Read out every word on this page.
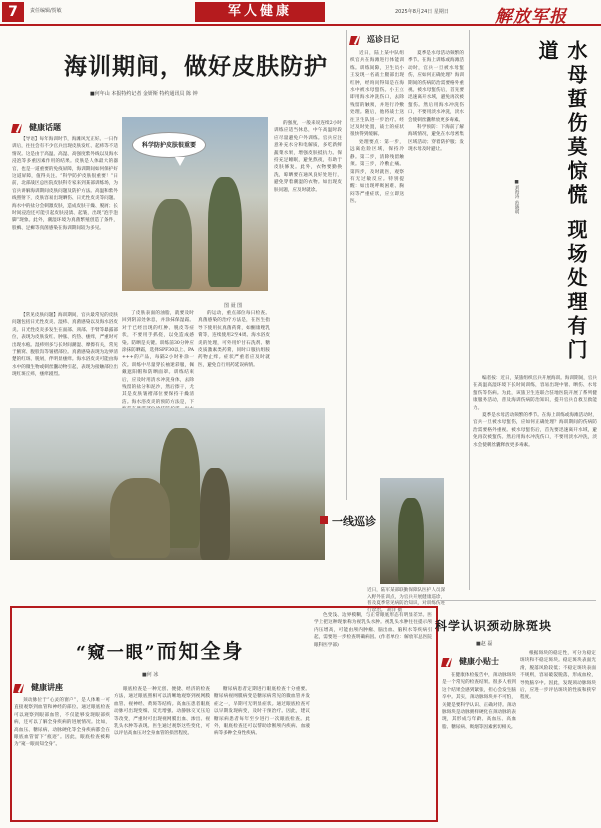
7	责任编辑/贺敏	军人健康	2025年8月24日 星期日	解放军报
海训期间，做好皮肤防护
■何年山 本报特约记者 金妍斯 特约通讯员 陈 钟
健康话题

【导语】每年海训时节，海滩风光正好。一日作训后，往往会有不少官兵出现皮肤发红、起疹等不适情况。这是由于高温、高湿、高强度紫外线以及海水浸泡等多重因素作用的结果。皮肤是人体最大的器官，也是一道重要的免疫屏障，海训期间如何保护好这道屏障，值得关注。“科学防护皮肤很重要！”日前，北部战区总医院皮肤科专家来到某部训练场，为官兵讲解海训期间皮肤问题及防护方法。高温和紫外线照射下，皮肤容易出现晒伤、日光性皮炎等问题。海水中的盐分会刺激皮肤，造成皮肤干燥、脱屑；长时间浸泡还可能引起皮肤浸渍、起皱，出现“泡手泡脚”现象。此外，潮湿环境为真菌繁殖创造了条件，股癣、足癣等真菌感染在海训期间较为多见。

【常见皮肤问题】海训期间，官兵最常见的皮肤问题包括日光性皮炎、湿疹、真菌感染以及海水浴皮炎。日光性皮炎多发生在面部、颈部、手臂等暴露部位，表现为皮肤发红、肿胀、灼热、瘙痒，严重时可出现水疱。湿疹则多与长时间潮湿、摩擦有关，常见于腋窝、腹股沟等皱褶部位。真菌感染表现为边界清楚的红斑、脱屑，伴明显瘙痒。海水浴皮炎可能由海水中的微生物或刺丝囊动物引起，表现为接触部位出现红斑丘疹，瘙痒剧烈。

科学防护皮肤很重要
图 聂 图

了皮肤表面的油脂，就要及时回到阴凉处休息，并涂抹保湿霜。对于已经出现的红肿、脱皮等症状，不要用手抓挠，以免造成感染。防晒是关键。训练前30分钟应涂抹防晒霜，选择SPF30以上、PA+++的产品，每隔2小时补涂一次。训练中尽量穿长袖迷彩服，佩戴遮阳帽和防晒面罩。训练结束后，应及时用清水冲洗身体，去除残留的盐分和泥沙，然后擦干，尤其是皮肤皱褶部位要保持干燥清洁。海水浴皮炎的预防方法是，下

的运动，重点部位每日检查。真菌感染的治疗方法是，在医生指导下使用抗真菌药膏，如酮康唑乳膏等，连续使用2至4周。海水浴皮炎的处理，可外用炉甘石洗剂、糖皮质激素类药膏，同时口服抗组胺药物止痒。症状严重者应及时就医，避免自行用药延误病情。

的强度，一般来说连续2小时训练应适当休息，中午高温时段应尽量避免户外训练。官兵应注意补充水分和电解质，多吃新鲜蔬菜水果，增强皮肤抵抗力。保持充足睡眠，避免熬夜，有助于皮肤修复。此外，衣物要勤换洗，晾晒要在通风良好处进行，避免穿着潮湿的衣物。如出现皮肤问题，应及时就诊。

巡诊日记

近日，陆上某中队组织官兵在海滩进行体能训练。训练间隙，卫生员小王发现一名战士腿部出现红肿，经询问得知是在海水中被水母蜇伤。小王立即用海水冲洗伤口，去除残留的触须，并进行冷敷处理。随后，他将战士送往卫生队进一步治疗。经过及时处置，战士的症状很快得到缓解。

处理要点：第一步，远离危险区域，保持冷静。第二步，清除残留触须。第三步，冷敷止痛。第四步，及时就医，观察有无过敏反应。特别提醒：如出现呼吸困难、胸闷等严重症状，应立即送医。

夏季是水母活动频繁的季节。在海上训练或海滩活动时，官兵一旦被水母蜇伤，应如何正确处理？海训期间的伤病防治需要格外重视。被水母蜇伤后，首先要迅速离开水域，避免再次被蜇伤。然后用海水冲洗伤口，不要用淡水冲洗，淡水会使刺丝囊释放更多毒素。

科学预防：下海前了解海域情况，避免在水母密集区域活动；穿着防护服；发现水母及时避让。	水母蜇伤莫惊慌 现场处理有门道
■刘海涛 范晓明

编者按：近日，某旅组织官兵开展海训。海训期间，官兵在高温高湿环境下长时间训练，容易出现中暑、晒伤、水母蜇伤等伤病。为此，该旅卫生连联合驻地医院开展了系列健康服务活动，普及海训伤病防治知识，提升官兵自救互救能力。

夏季是水母活动频繁的季节。在海上训练或海滩活动时，官兵一旦被水母蜇伤，应如何正确处理？海训期间的伤病防治需要格外重视。被水母蜇伤后，首先要迅速离开水域，避免再次被蜇伤。然后用海水冲洗伤口，不要用淡水冲洗，淡水会使刺丝囊释放更多毒素。

一线巡诊
近日，陆军某部联勤保障队医护人员深入野外驻训点，为官兵开展健康巡诊，普及夏季常见病防治知识，对训练伤进行诊治。 胡洋 摄
“窥一眼”而知全身
■何 冰
健康讲座

颈动脉位于“心灵的窗户”，是人体唯一可直接观察到血管和神经的部位。通过眼底检查可以观察到眼部血管，不仅能够发现眼部疾病，还可以了解全身疾病的进展情况。比如，高血压、糖尿病、动脉硬化等全身疾病都会在眼底血管留下“痕迹”。因此，眼底检查被称为“窥一眼而知全身”。

眼底检查是一种无创、便捷、经济的检查方法，通过眼底照相可以清晰地观察到视网膜血管、视神经、黄斑等结构。高血压患者眼底动脉可出现变细、反光增强、动静脉交叉压迫等改变，严重时可出现视网膜出血、渗出、视乳头水肿等表现。医生通过观察这些变化，可以评估高血压对全身血管的损害程度。

糖尿病患者定期进行眼底检查十分重要。糖尿病视网膜病变是糖尿病常见的微血管并发症之一，早期可无明显症状。通过眼底检查可以早期发现病变，及时干预治疗。因此，建议糖尿病患者每年至少进行一次眼底检查。此外，眼底检查还可以帮助诊断颅内疾病、血液病等多种全身性疾病。

色变浅、边界模糊，与正常眼底形态有明显差异。医学上把这种现象称为视乳头水肿。视乳头水肿往往提示颅内压增高，可能由颅内肿瘤、脑出血、脑积水等疾病引起，需要进一步检查明确病因。(作者单位：解放军总医院眼科医学部)

科学认识颈动脉斑块
■赵 磊
健康小贴士

在健康体检报告中，颈动脉斑块是一个常见的检查结果。很多人看到这个结果会感到紧张，担心会发生脑卒中。其实，颈动脉斑块并不可怕，关键是要科学认识、正确对待。颈动脉斑块是动脉粥样硬化在颈动脉的表现，其形成与年龄、高血压、高血脂、糖尿病、吸烟等因素密切相关。

根据斑块的稳定性，可分为稳定斑块和不稳定斑块。稳定斑块表面光滑，脱落风险较低；不稳定斑块表面不规则，容易破裂脱落，形成血栓，导致脑卒中。因此，发现颈动脉斑块后，应进一步评估斑块的性质和狭窄程度。
